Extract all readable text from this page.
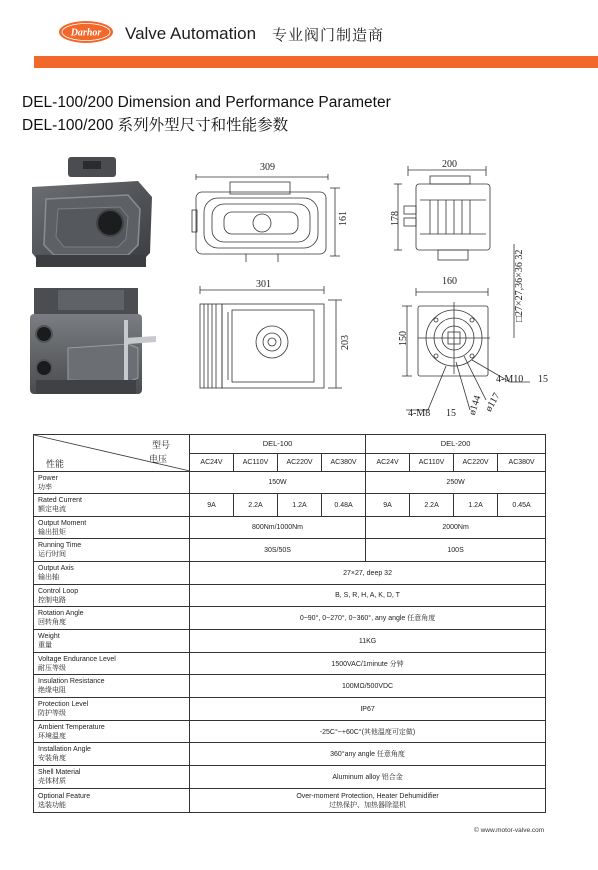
Darhor Valve Automation 专业阀门制造商
DEL-100/200 Dimension and Performance Parameter
DEL-100/200 系列外型尺寸和性能参数
309
161
200
178
301
203
160
150
□27×27,36×36 32
4-M10 15
4-M8 15	ø117
ø144
型号
电压
性能	DEL-100				DEL-200			
	AC24V	AC110V	AC220V	AC380V	AC24V	AC110V	AC220V	AC380V

Power
功率	150W				250W			

Rated Current
额定电流	9A	2.2A	1.2A	0.48A	9A	2.2A	1.2A	0.45A

Output Moment
输出扭矩	800Nm/1000Nm				2000Nm			

Running Time
运行时间	30S/50S				100S			

Output Axis
输出轴	27×27, deep 32							

Control Loop
控制电路	B, S, R, H, A, K, D, T							

Rotation Angle
回转角度	0~90°, 0~270°, 0~360°, any angle 任意角度							

Weight
重量	11KG							

Voltage Endurance Level
耐压等级	1500VAC/1minute 分钟							

Insulation Resistance
绝缘电阻	100MΩ/500VDC							

Protection Level
防护等级	IP67							

Ambient Temperature
环境温度	-25C°~+60C°(其他温度可定做)							

Installation Angle
安装角度	360°any angle 任意角度							

Shell Material
壳体材质	Aluminum alloy 铝合金							

Optional Feature
选装功能	Over-moment Protection, Heater Dehumidifier
过热保护、加热器除湿机							
© www.motor-valve.com
